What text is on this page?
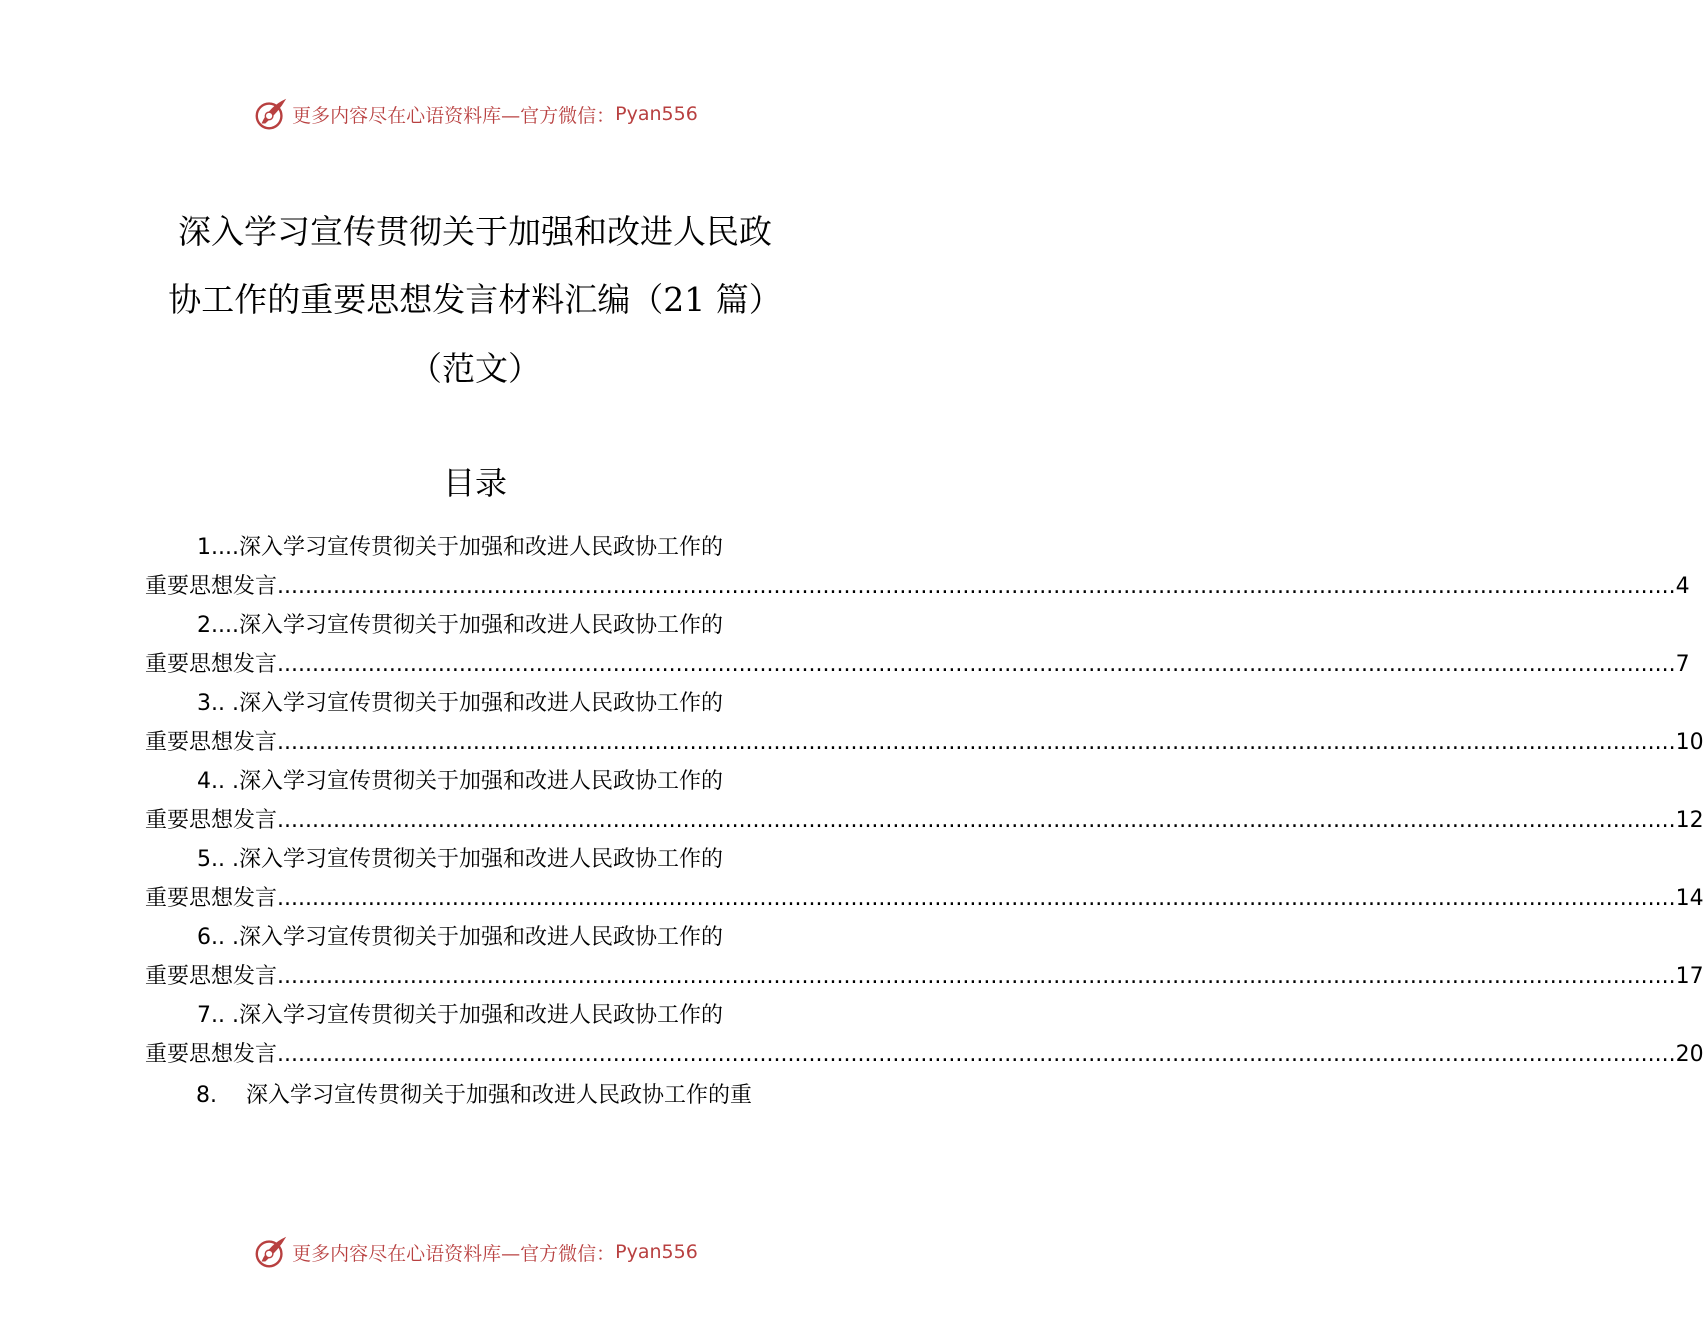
更多内容尽在心语资料库—官方微信： Pyan556
深入学习宣传贯彻关于加强和改进人民政
协工作的重要思想发言材料汇编（21 篇）
（范文）
目录
1....深入学习宣传贯彻关于加强和改进人民政协工作的
重要思想发言 ........................................................................................................................................................................................................ 4
2....深入学习宣传贯彻关于加强和改进人民政协工作的
重要思想发言 ........................................................................................................................................................................................................ 7
3.. .深入学习宣传贯彻关于加强和改进人民政协工作的
重要思想发言 ........................................................................................................................................................................................................ 10
4.. .深入学习宣传贯彻关于加强和改进人民政协工作的
重要思想发言 ........................................................................................................................................................................................................ 12
5.. .深入学习宣传贯彻关于加强和改进人民政协工作的
重要思想发言 ........................................................................................................................................................................................................ 14
6.. .深入学习宣传贯彻关于加强和改进人民政协工作的
重要思想发言 ........................................................................................................................................................................................................ 17
7.. .深入学习宣传贯彻关于加强和改进人民政协工作的
重要思想发言 ........................................................................................................................................................................................................ 20
8. 深入学习宣传贯彻关于加强和改进人民政协工作的重
更多内容尽在心语资料库—官方微信： Pyan556
